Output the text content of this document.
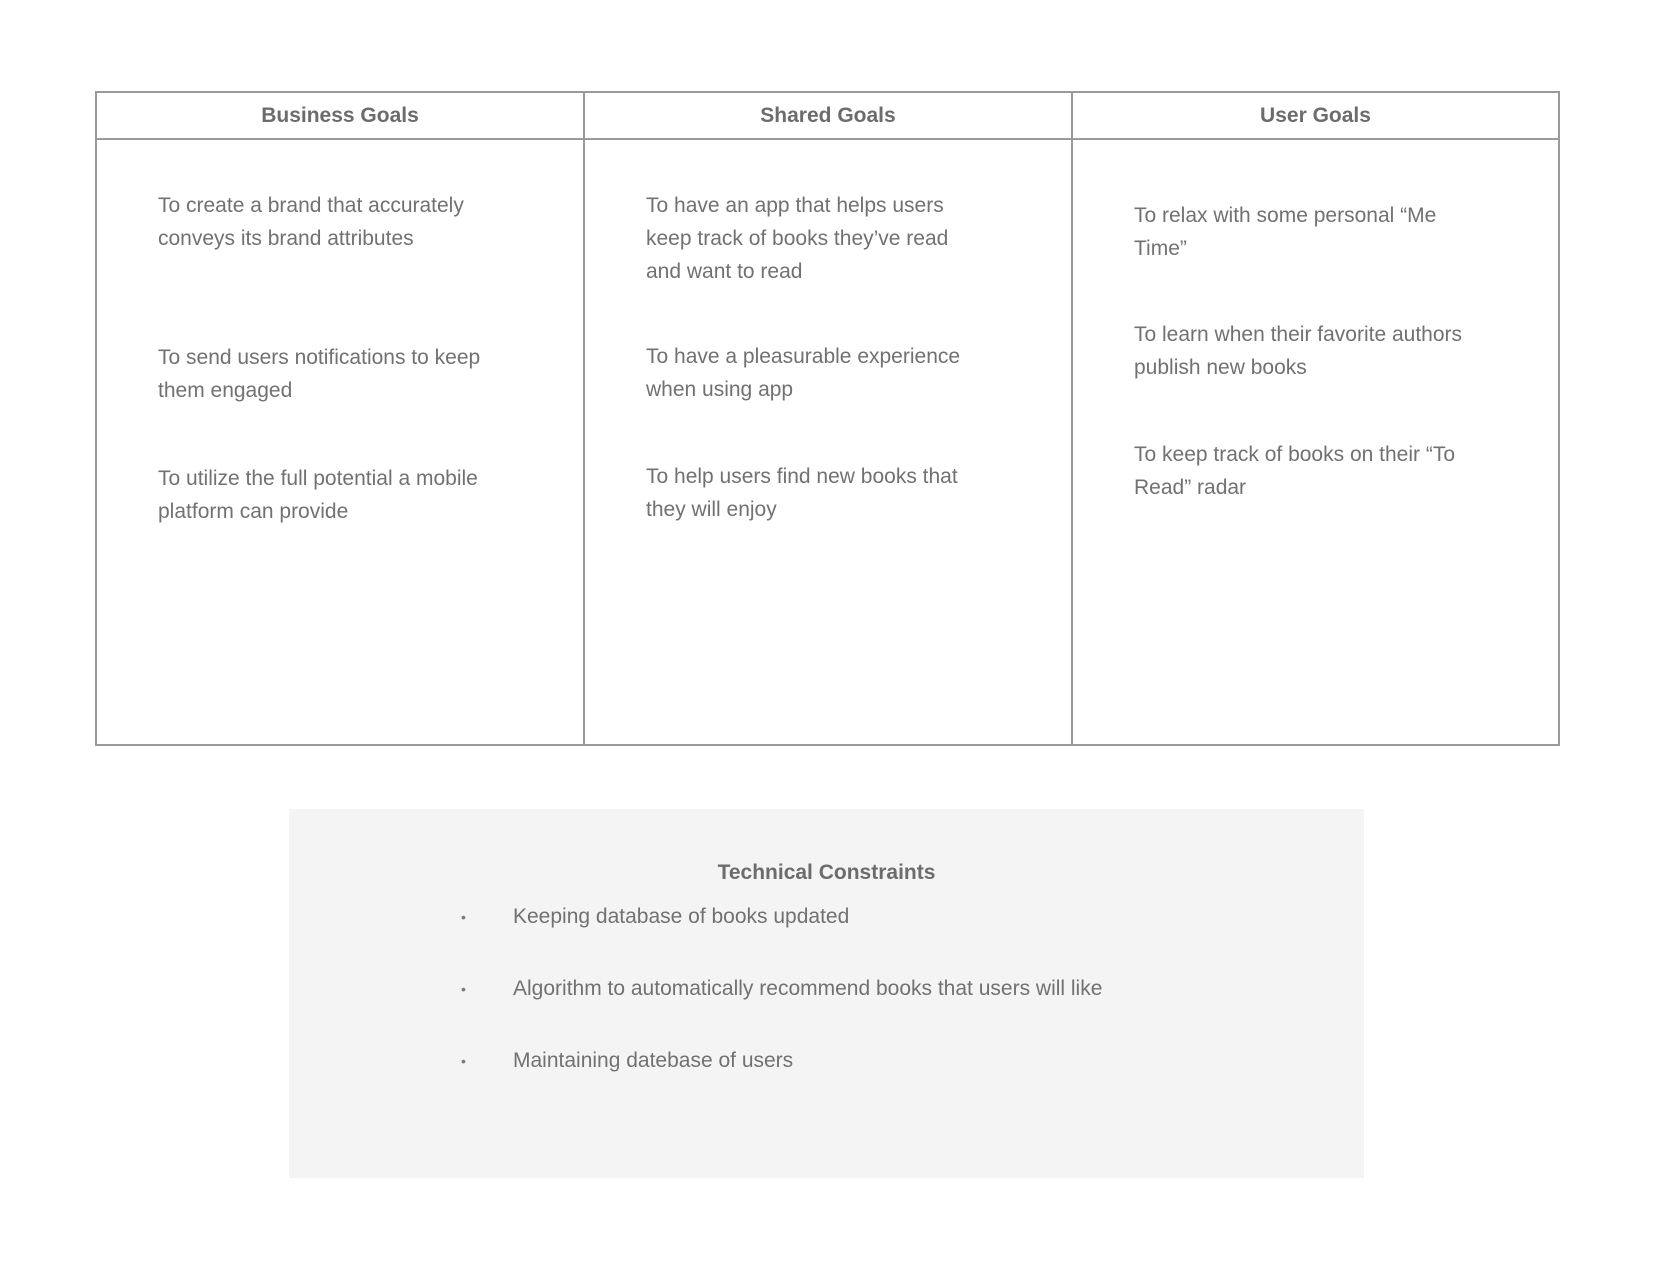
Business Goals	Shared Goals	User Goals

To create a brand that accurately conveys its brand attributes

To send users notifications to keep them engaged

To utilize the full potential a mobile platform can provide

To have an app that helps users keep track of books they’ve read and want to read

To have a pleasurable experience when using app

To help users find new books that they will enjoy

To relax with some personal “Me Time”

To learn when their favorite authors publish new books

To keep track of books on their “To Read” radar

Technical Constraints
• Keeping database of books updated
• Algorithm to automatically recommend books that users will like
• Maintaining datebase of users
